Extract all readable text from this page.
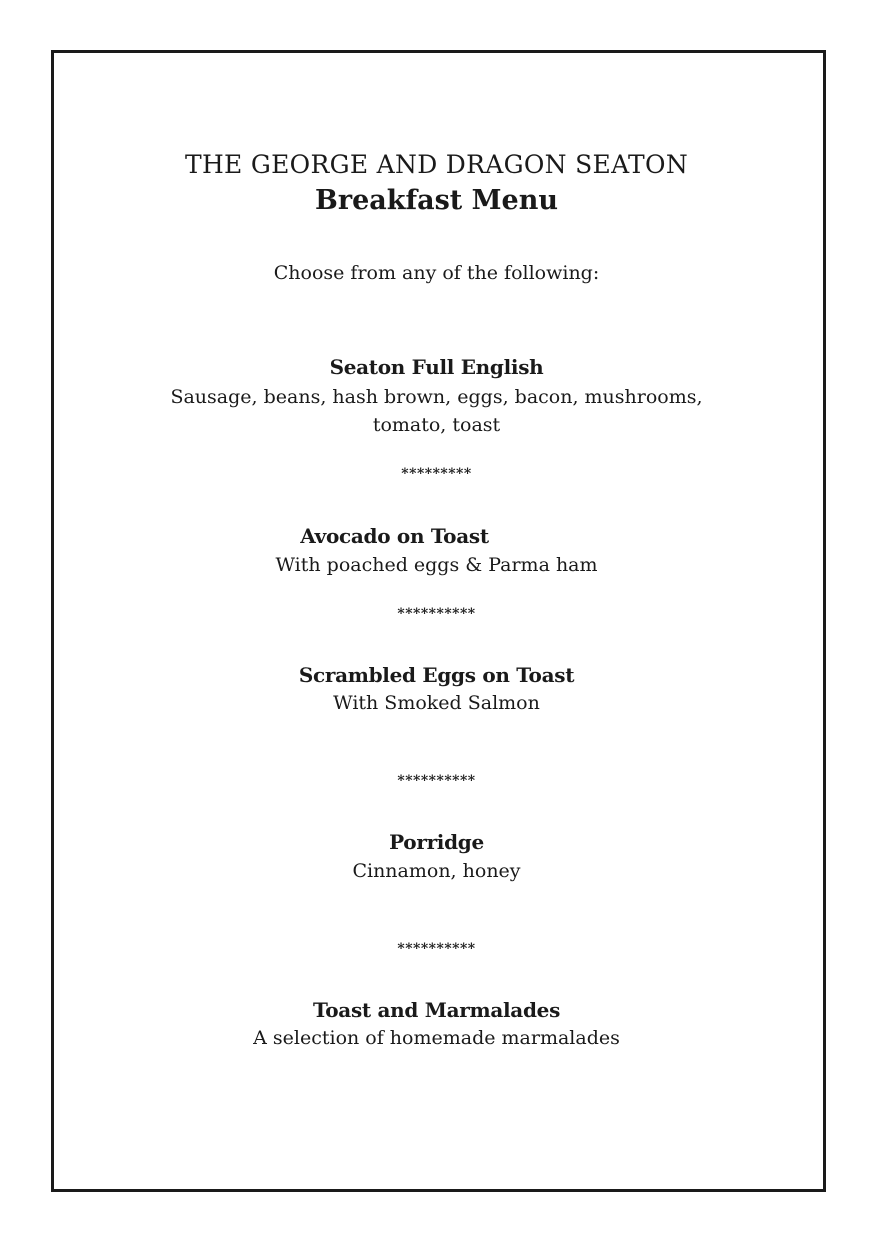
THE GEORGE AND DRAGON SEATON
Breakfast Menu
Choose from any of the following:
Seaton Full English
Sausage, beans, hash brown, eggs, bacon, mushrooms,
tomato, toast
*********
Avocado on Toast
With poached eggs & Parma ham
**********
Scrambled Eggs on Toast
With Smoked Salmon
**********
Porridge
Cinnamon, honey
**********
Toast and Marmalades
A selection of homemade marmalades
